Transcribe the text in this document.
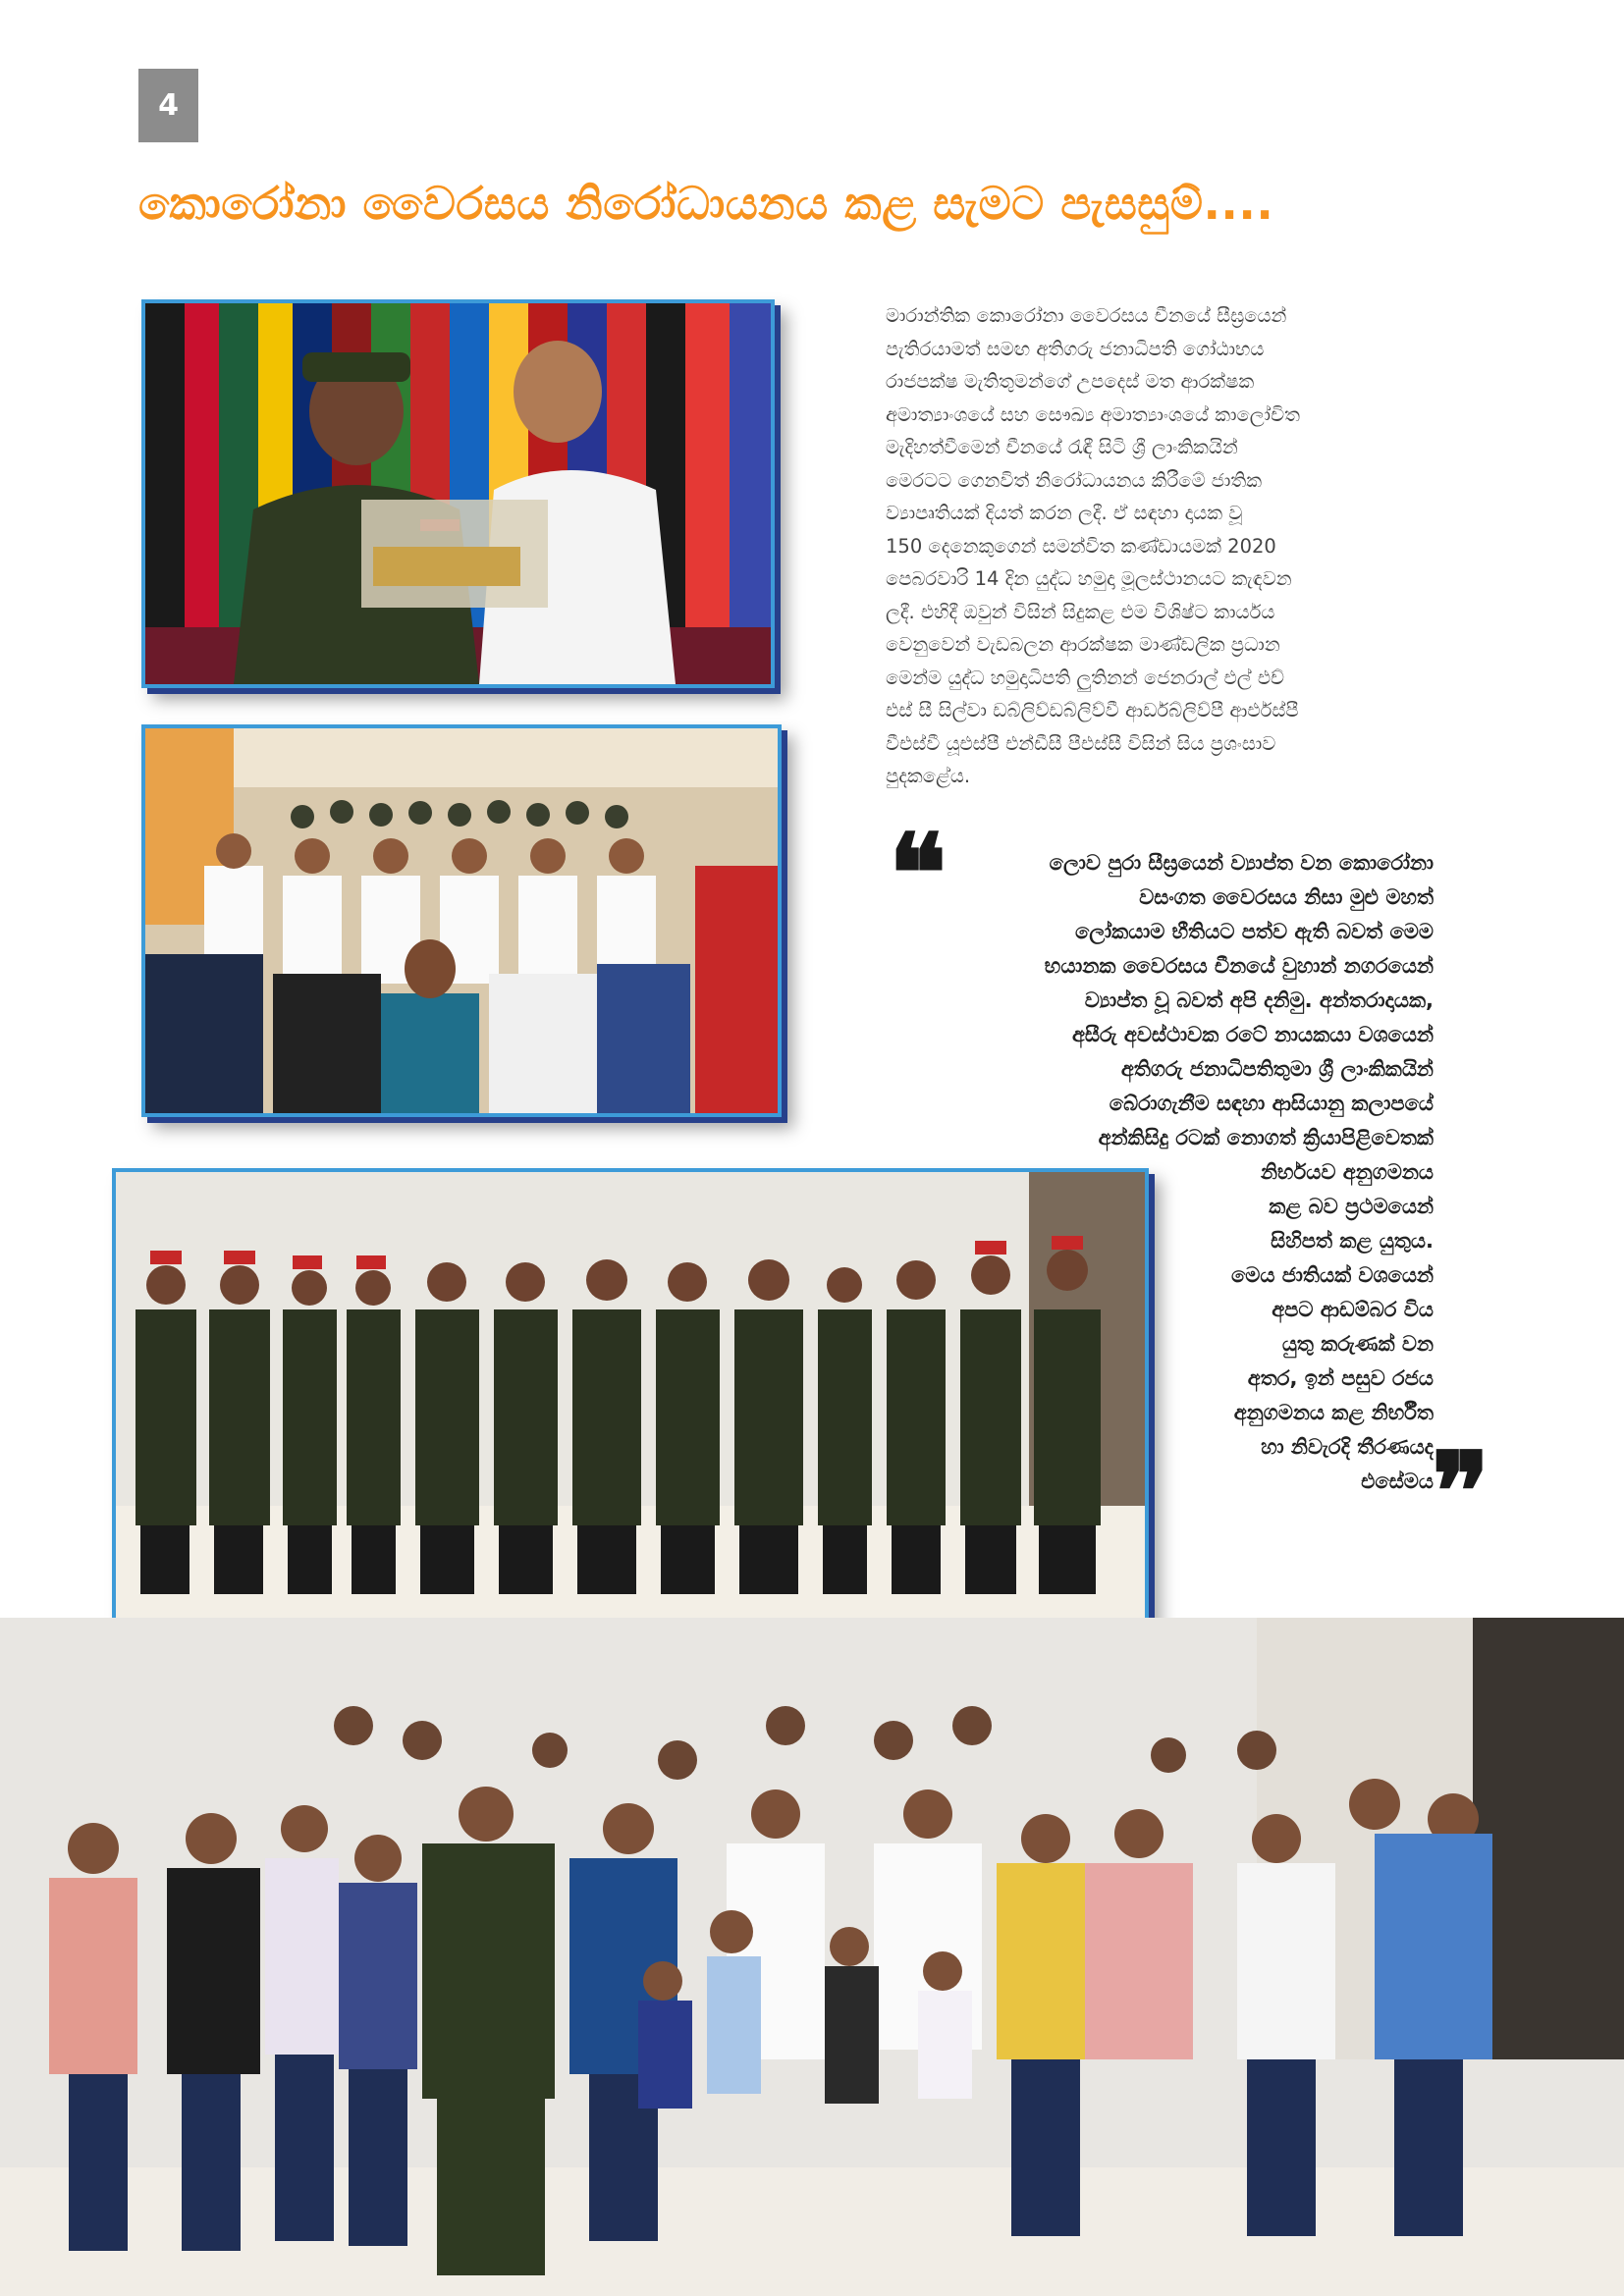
4
කොරෝනා වෛරසය නිරෝධායනය කළ සැමට පැසසුම්....
මාරාන්තික කොරෝනා වෛරසය චීනයේ සීඝ්‍රයෙන්
පැතිරයාමත් සමඟ අතිගරු ජනාධිපති ගෝඨාභය
රාජපක්ෂ මැතිතුමන්ගේ උපදෙස් මත ආරක්ෂක
අමාත්‍යාංශයේ සහ සෞඛ්‍ය අමාත්‍යාංශයේ කාලෝචිත
මැදිහත්වීමෙන් චීනයේ රැඳී සිටි ශ්‍රී ලාංකිකයින්
මෙරටට ගෙනවිත් නිරෝධායනය කිරීමේ ජාතික
ව්‍යාපෘතියක් දියත් කරන ලදී. ඒ සඳහා දායක වූ
150 දෙනෙකුගෙන් සමන්විත කණ්ඩායමක් 2020
පෙබරවාරි 14 දින යුද්ධ හමුදා මූලස්ථානයට කැඳවන
ලදී. එහිදී ඔවුන් විසින් සිදුකළ එම විශිෂ්ට කාර්යය
වෙනුවෙන් වැඩබලන ආරක්ෂක මාණ්ඩලික ප්‍රධාන
මෙන්ම යුද්ධ හමුදාධිපති ලුතිනන් ජෙනරාල් එල් එච්
එස් සී සිල්වා ඩබ්ලිව්ඩබ්ලිව්වී ආර්ඩබ්ලිව්පී ආර්එස්පී
වීඑස්වී යූඑස්පී එන්ඩීසී පීඑස්සී විසින් සිය ප්‍රශංසාව
පුදකළේය.
❝	ලොව පුරා සීඝ්‍රයෙන් ව්‍යාප්ත වන කොරෝනා
වසංගත වෛරසය නිසා මුළු මහත්
ලෝකයාම භීතියට පත්ව ඇති බවත් මෙම
භයානක වෛරසය චීනයේ වුහාන් නගරයෙන්
ව්‍යාප්ත වූ බවත් අපි දනිමු. අන්තරාදායක,
අසීරු අවස්ථාවක රටේ නායකයා වශයෙන්
අතිගරු ජනාධිපතිතුමා ශ්‍රී ලාංකිකයින්
බේරාගැනීම සඳහා ආසියානු කලාපයේ
අන්කිසිදු රටක් නොගත් ක්‍රියාපිළිවෙතක්
නිර්භයව අනුගමනය
කළ බව ප්‍රථමයෙන්
සිහිපත් කළ යුතුය.
මෙය ජාතියක් වශයෙන්
අපට ආඩම්බර විය
යුතු කරුණක් වන
අතර, ඉන් පසුව රජය
අනුගමනය කළ නිර්භීත
හා නිවැරදි තීරණයද
එසේමය
❞
